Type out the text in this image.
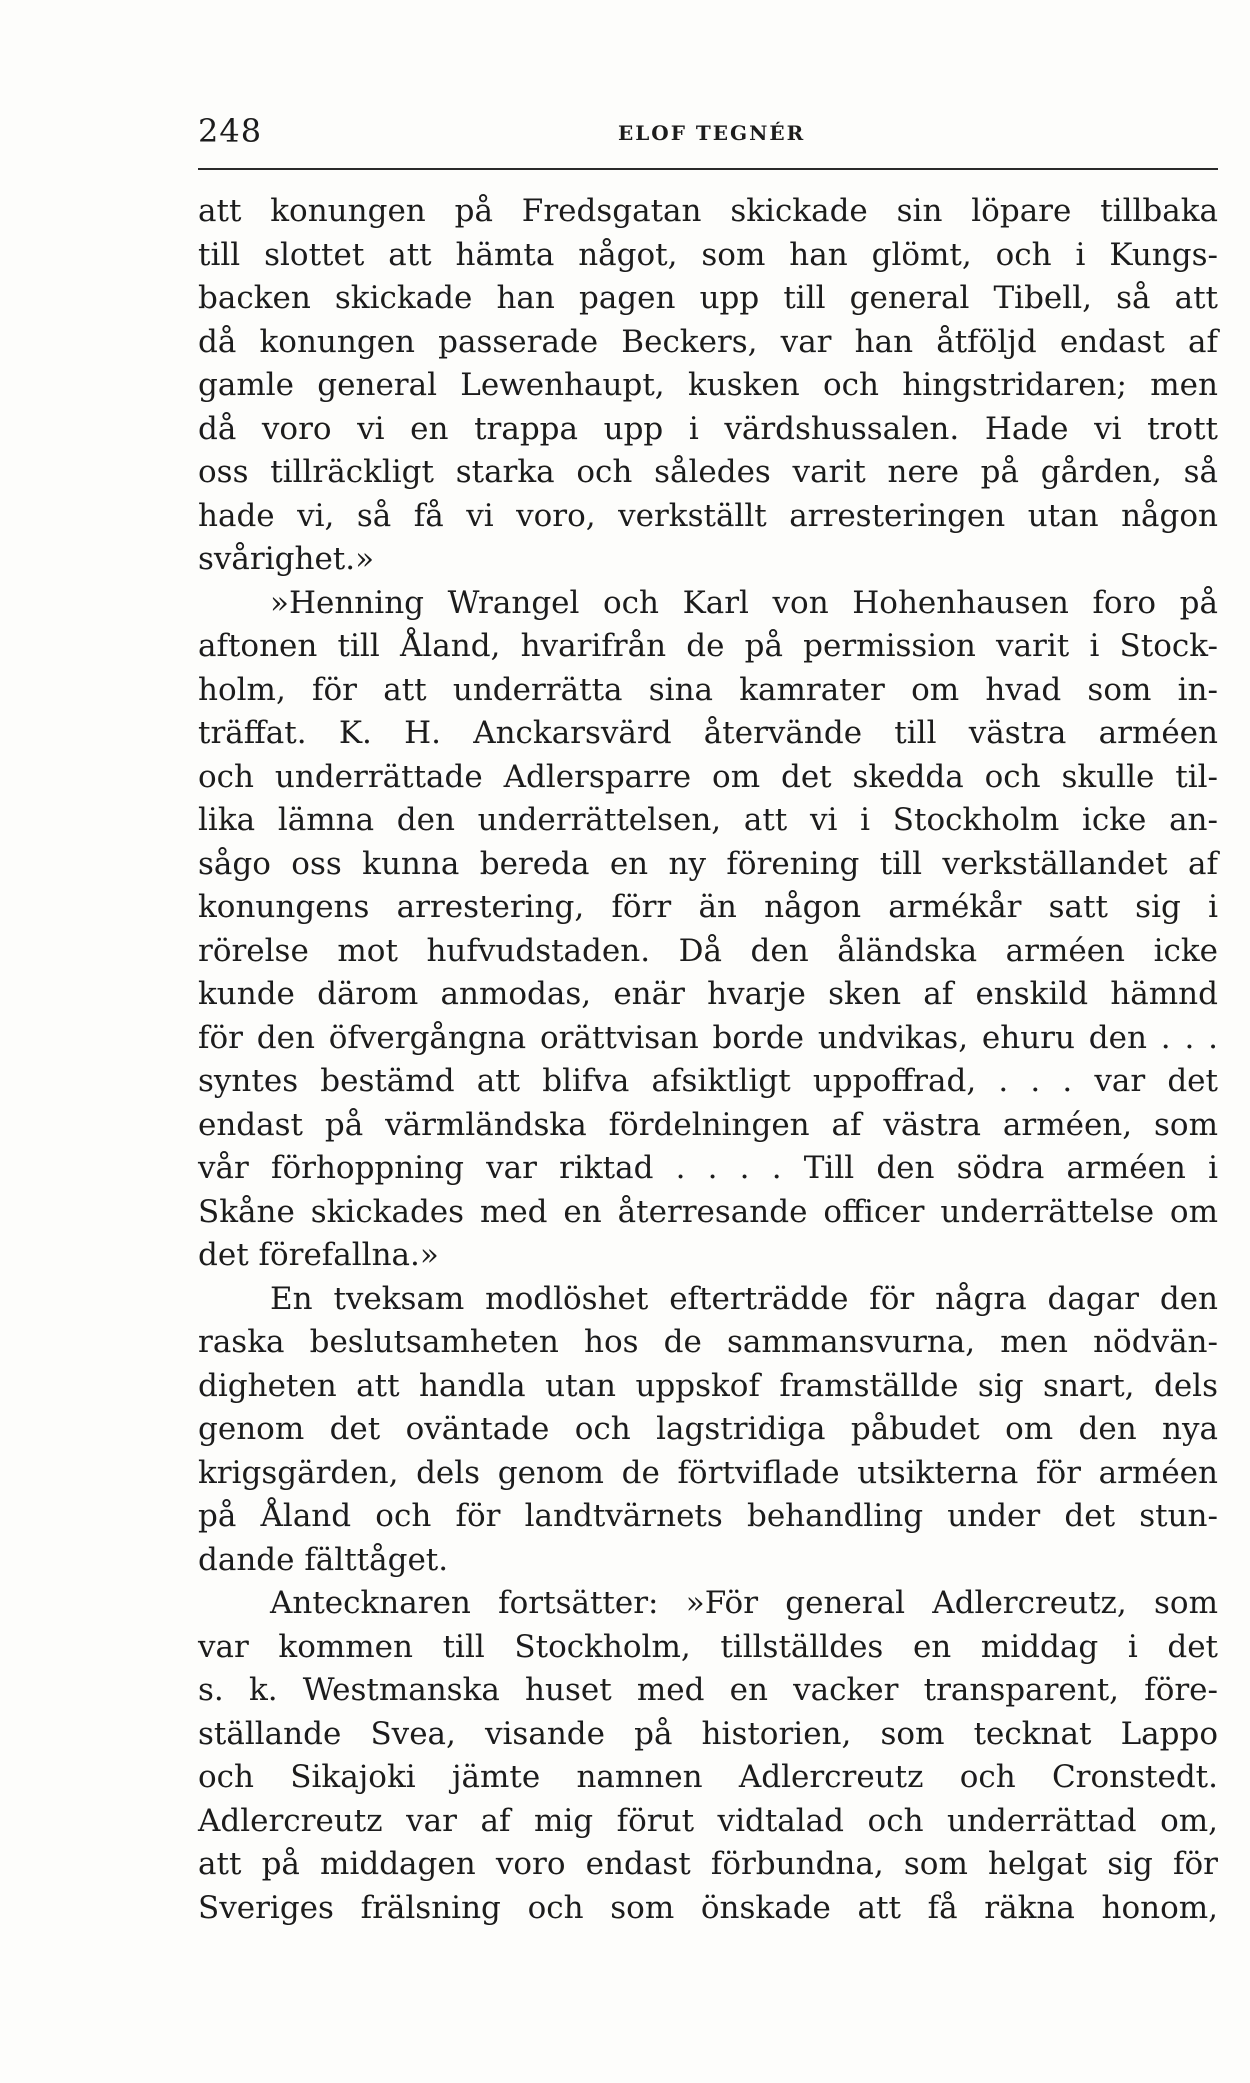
248	ELOF TEGNÉR
att konungen på Fredsgatan skickade sin löpare tillbaka
till slottet att hämta något, som han glömt, och i Kungs-
backen skickade han pagen upp till general Tibell, så att
då konungen passerade Beckers, var han åtföljd endast af
gamle general Lewenhaupt, kusken och hingstridaren; men
då voro vi en trappa upp i värdshussalen. Hade vi trott
oss tillräckligt starka och således varit nere på gården, så
hade vi, så få vi voro, verkställt arresteringen utan någon
svårighet.»
»Henning Wrangel och Karl von Hohenhausen foro på
aftonen till Åland, hvarifrån de på permission varit i Stock-
holm, för att underrätta sina kamrater om hvad som in-
träffat. K. H. Anckarsvärd återvände till västra arméen
och underrättade Adlersparre om det skedda och skulle til-
lika lämna den underrättelsen, att vi i Stockholm icke an-
sågo oss kunna bereda en ny förening till verkställandet af
konungens arrestering, förr än någon armékår satt sig i
rörelse mot hufvudstaden. Då den åländska arméen icke
kunde därom anmodas, enär hvarje sken af enskild hämnd
för den öfvergångna orättvisan borde undvikas, ehuru den . . .
syntes bestämd att blifva afsiktligt uppoffrad, . . . var det
endast på värmländska fördelningen af västra arméen, som
vår förhoppning var riktad . . . . Till den södra arméen i
Skåne skickades med en återresande officer underrättelse om
det förefallna.»
En tveksam modlöshet efterträdde för några dagar den
raska beslutsamheten hos de sammansvurna, men nödvän-
digheten att handla utan uppskof framställde sig snart, dels
genom det oväntade och lagstridiga påbudet om den nya
krigsgärden, dels genom de förtviflade utsikterna för arméen
på Åland och för landtvärnets behandling under det stun-
dande fälttåget.
Antecknaren fortsätter: »För general Adlercreutz, som
var kommen till Stockholm, tillställdes en middag i det
s. k. Westmanska huset med en vacker transparent, före-
ställande Svea, visande på historien, som tecknat Lappo
och Sikajoki jämte namnen Adlercreutz och Cronstedt.
Adlercreutz var af mig förut vidtalad och underrättad om,
att på middagen voro endast förbundna, som helgat sig för
Sveriges frälsning och som önskade att få räkna honom,
